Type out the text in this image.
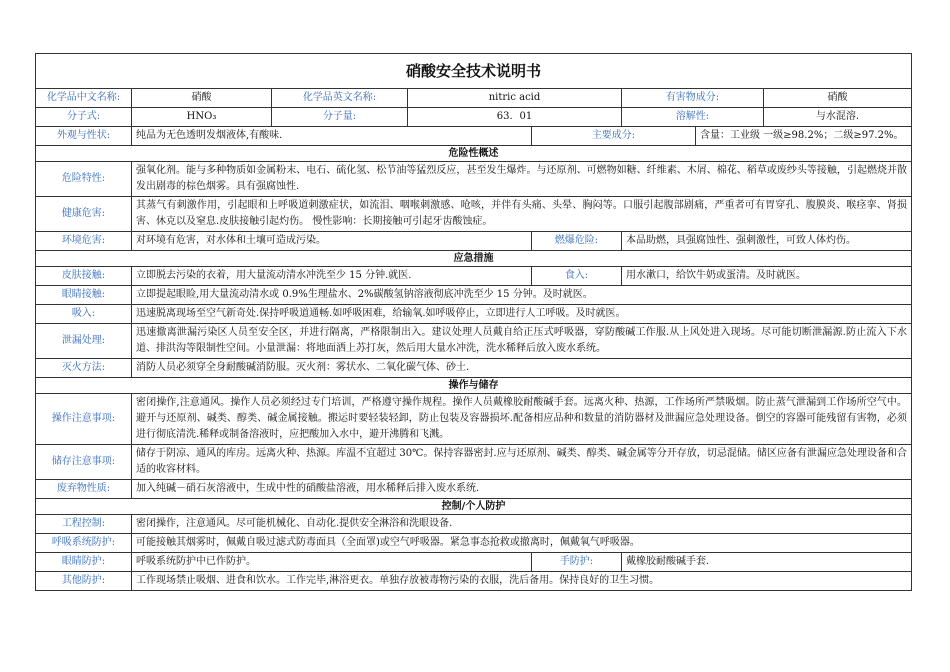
硝酸安全技术说明书							
化学品中文名称:	硝酸	化学品英文名称:	nitric acid		有害物成分:		硝酸
分子式:	HNO₃	分子量:	63．01		溶解性:		与水混溶.
外观与性状:	纯品为无色透明发烟液体,有酸味.			主要成分:		含量：工业级 一级≥98.2%；二级≥97.2%。	
危险性概述							
危险特性:	强氧化剂。能与多种物质如金属粉末、电石、硫化氢、松节油等猛烈反应，甚至发生爆炸。与还原剂、可燃物如糖、纤维素、木屑、棉花、稻草或废纱头等接触，引起燃烧并散发出剧毒的棕色烟雾。具有强腐蚀性.						
健康危害:	其蒸气有刺激作用，引起眼和上呼吸道刺激症状，如流泪、咽喉刺激感、呛咳，并伴有头痛、头晕、胸闷等。口服引起腹部剧痛，严重者可有胃穿孔、腹膜炎、喉痉挛、肾损害、休克以及窒息.皮肤接触引起灼伤。 慢性影响：长期接触可引起牙齿酸蚀症。						
环境危害:	对环境有危害，对水体和土壤可造成污染。			燃爆危险:	本品助燃，具强腐蚀性、强刺激性，可致人体灼伤。		
应急措施							
皮肤接触:	立即脱去污染的衣着，用大量流动清水冲洗至少 15 分钟.就医.			食入:	用水漱口，给饮牛奶或蛋清。及时就医。		
眼睛接触:	立即提起眼睑,用大量流动清水或 0.9%生理盐水、2%碳酸氢钠溶液彻底冲洗至少 15 分钟。及时就医。						
吸入:	迅速脱离现场至空气新奇处.保持呼吸道通畅.如呼吸困难，给输氧.如呼吸停止，立即进行人工呼吸。及时就医。						
泄漏处理:	迅速撤离泄漏污染区人员至安全区，并进行隔离，严格限制出入。建议处理人员戴自给正压式呼吸器，穿防酸碱工作服.从上风处进入现场。尽可能切断泄漏源.防止流入下水道、排洪沟等限制性空间。小量泄漏：将地面洒上苏打灰，然后用大量水冲洗，洗水稀释后放入废水系统。						
灭火方法:	消防人员必须穿全身耐酸碱消防服。灭火剂：雾状水、二氧化碳气体、砂土.						
操作与储存							
操作注意事项:	密闭操作,注意通风。操作人员必须经过专门培训，严格遵守操作规程。操作人员戴橡胶耐酸碱手套。远离火种、热源，工作场所严禁吸烟。防止蒸气泄漏到工作场所空气中。避开与还原剂、碱类、醇类、碱金属接触。搬运时要轻装轻卸，防止包装及容器损坏.配备相应品种和数量的消防器材及泄漏应急处理设备。倒空的容器可能残留有害物，必须进行彻底清洗.稀释或制备溶液时，应把酸加入水中，避开沸腾和飞溅。						
储存注意事项:	储存于阴凉、通风的库房。远离火种、热源。库温不宜超过 30℃。保持容器密封.应与还原剂、碱类、醇类、碱金属等分开存放，切忌混储。储区应备有泄漏应急处理设备和合适的收容材料。						
废弃物性质:	加入纯碱－硝石灰溶液中，生成中性的硝酸盐溶液，用水稀释后排入废水系统.						
控制/个人防护							
工程控制:	密闭操作，注意通风。尽可能机械化、自动化.提供安全淋浴和洗眼设备.						
呼吸系统防护:	可能接触其烟雾时，佩戴自吸过滤式防毒面具（全面罩)或空气呼吸器。紧急事态抢救或撤离时，佩戴氧气呼吸器。						
眼睛防护:	呼吸系统防护中已作防护。			手防护:	戴橡胶耐酸碱手套.		
其他防护:	工作现场禁止吸烟、进食和饮水。工作完毕,淋浴更衣。单独存放被毒物污染的衣服，洗后备用。保持良好的卫生习惯。						
